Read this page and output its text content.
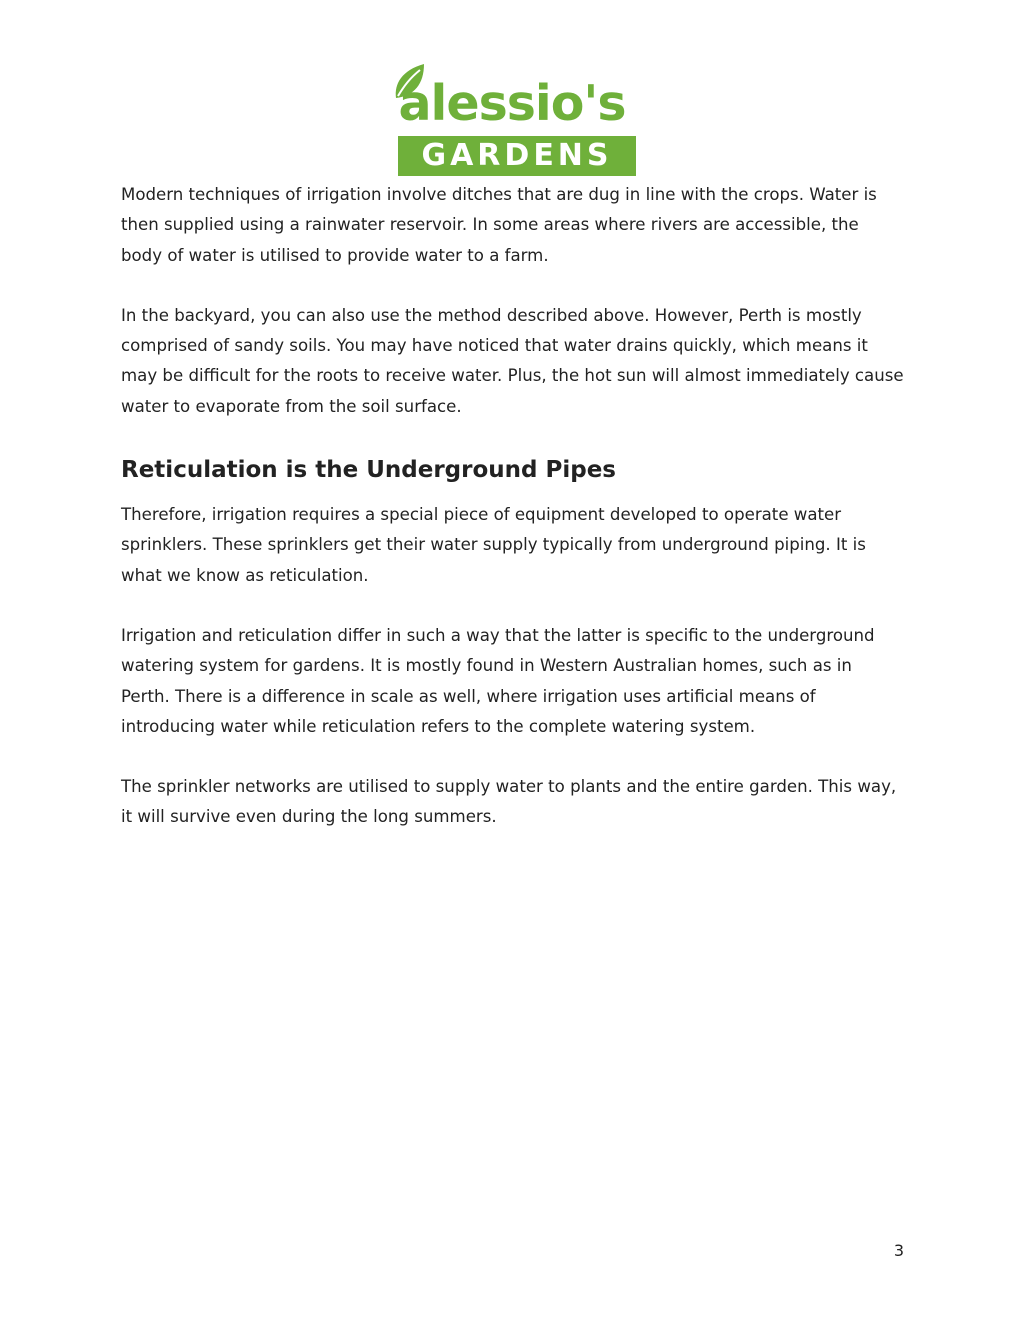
alessio's
GARDENS

Modern techniques of irrigation involve ditches that are dug in line with the crops. Water is then supplied using a rainwater reservoir. In some areas where rivers are accessible, the body of water is utilised to provide water to a farm.

In the backyard, you can also use the method described above. However, Perth is mostly comprised of sandy soils. You may have noticed that water drains quickly, which means it may be difficult for the roots to receive water. Plus, the hot sun will almost immediately cause water to evaporate from the soil surface.

Reticulation is the Underground Pipes

Therefore, irrigation requires a special piece of equipment developed to operate water sprinklers. These sprinklers get their water supply typically from underground piping. It is what we know as reticulation.

Irrigation and reticulation differ in such a way that the latter is specific to the underground watering system for gardens. It is mostly found in Western Australian homes, such as in Perth. There is a difference in scale as well, where irrigation uses artificial means of introducing water while reticulation refers to the complete watering system.

The sprinkler networks are utilised to supply water to plants and the entire garden. This way, it will survive even during the long summers.

3
